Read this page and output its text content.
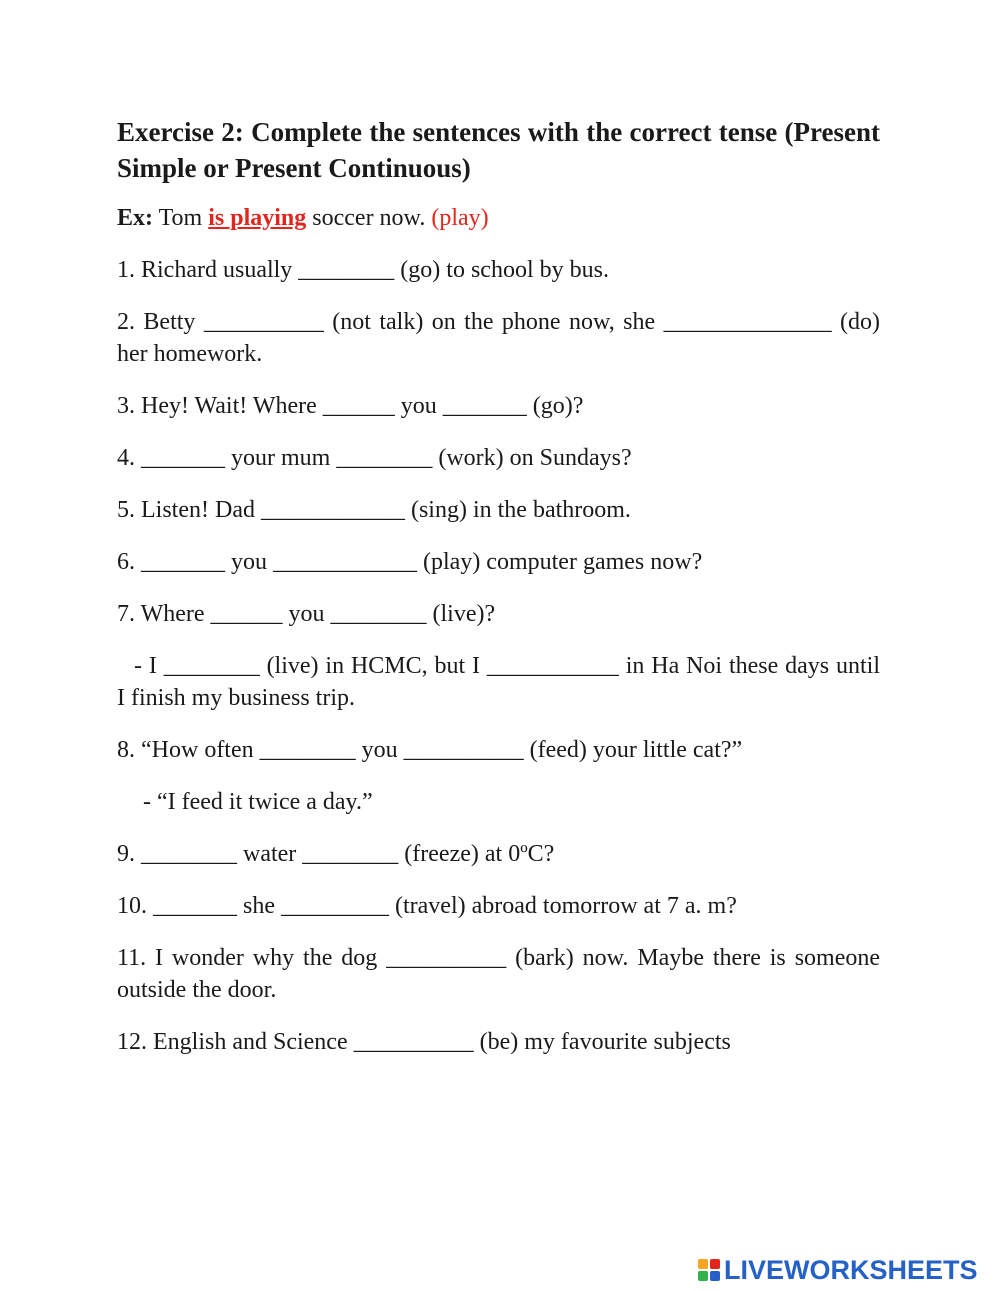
Exercise 2: Complete the sentences with the correct tense (Present Simple or Present Continuous)

Ex: Tom is playing soccer now. (play)

1. Richard usually ________ (go) to school by bus.

2. Betty __________ (not talk) on the phone now, she ______________ (do) her homework.

3. Hey! Wait! Where ______ you _______ (go)?

4. _______ your mum ________ (work) on Sundays?

5. Listen! Dad ____________ (sing) in the bathroom.

6. _______ you ____________ (play) computer games now?

7. Where ______ you ________ (live)?

- I ________ (live) in HCMC, but I ___________ in Ha Noi these days until I finish my business trip.

8. “How often ________ you __________ (feed) your little cat?”

- “I feed it twice a day.”

9. ________ water ________ (freeze) at 0ºC?

10. _______ she _________ (travel) abroad tomorrow at 7 a. m?

11. I wonder why the dog __________ (bark) now. Maybe there is someone outside the door.

12. English and Science __________ (be) my favourite subjects

LIVEWORKSHEETS
